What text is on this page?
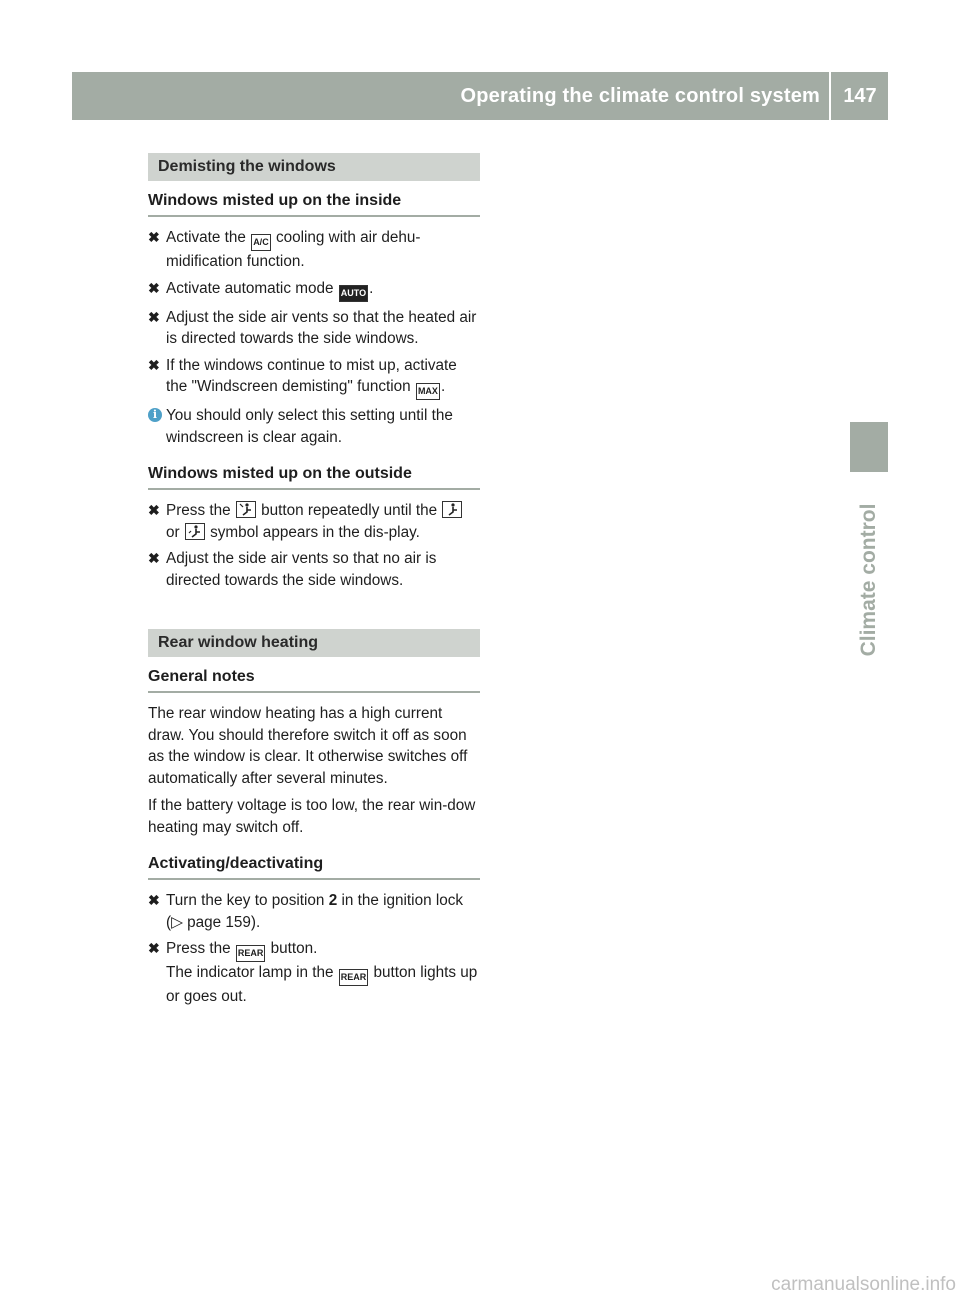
Operating the climate control system	147
Climate control
Demisting the windows
Windows misted up on the inside
✖ Activate the A/C cooling with air dehu-midification function.
✖ Activate automatic mode AUTO .
✖ Adjust the side air vents so that the heated air is directed towards the side windows.
✖ If the windows continue to mist up, activate the "Windscreen demisting" function MAX .
i You should only select this setting until the windscreen is clear again.
Windows misted up on the outside
✖ Press the button repeatedly until the
or symbol appears in the dis-play.
✖ Adjust the side air vents so that no air is directed towards the side windows.
Rear window heating
General notes
The rear window heating has a high current draw. You should therefore switch it off as soon as the window is clear. It otherwise switches off automatically after several minutes.
If the battery voltage is too low, the rear win-dow heating may switch off.
Activating/deactivating
✖ Turn the key to position 2 in the ignition lock (▷ page 159).
✖ Press the REAR button.
The indicator lamp in the REAR button lights up or goes out.
carmanualsonline.info
